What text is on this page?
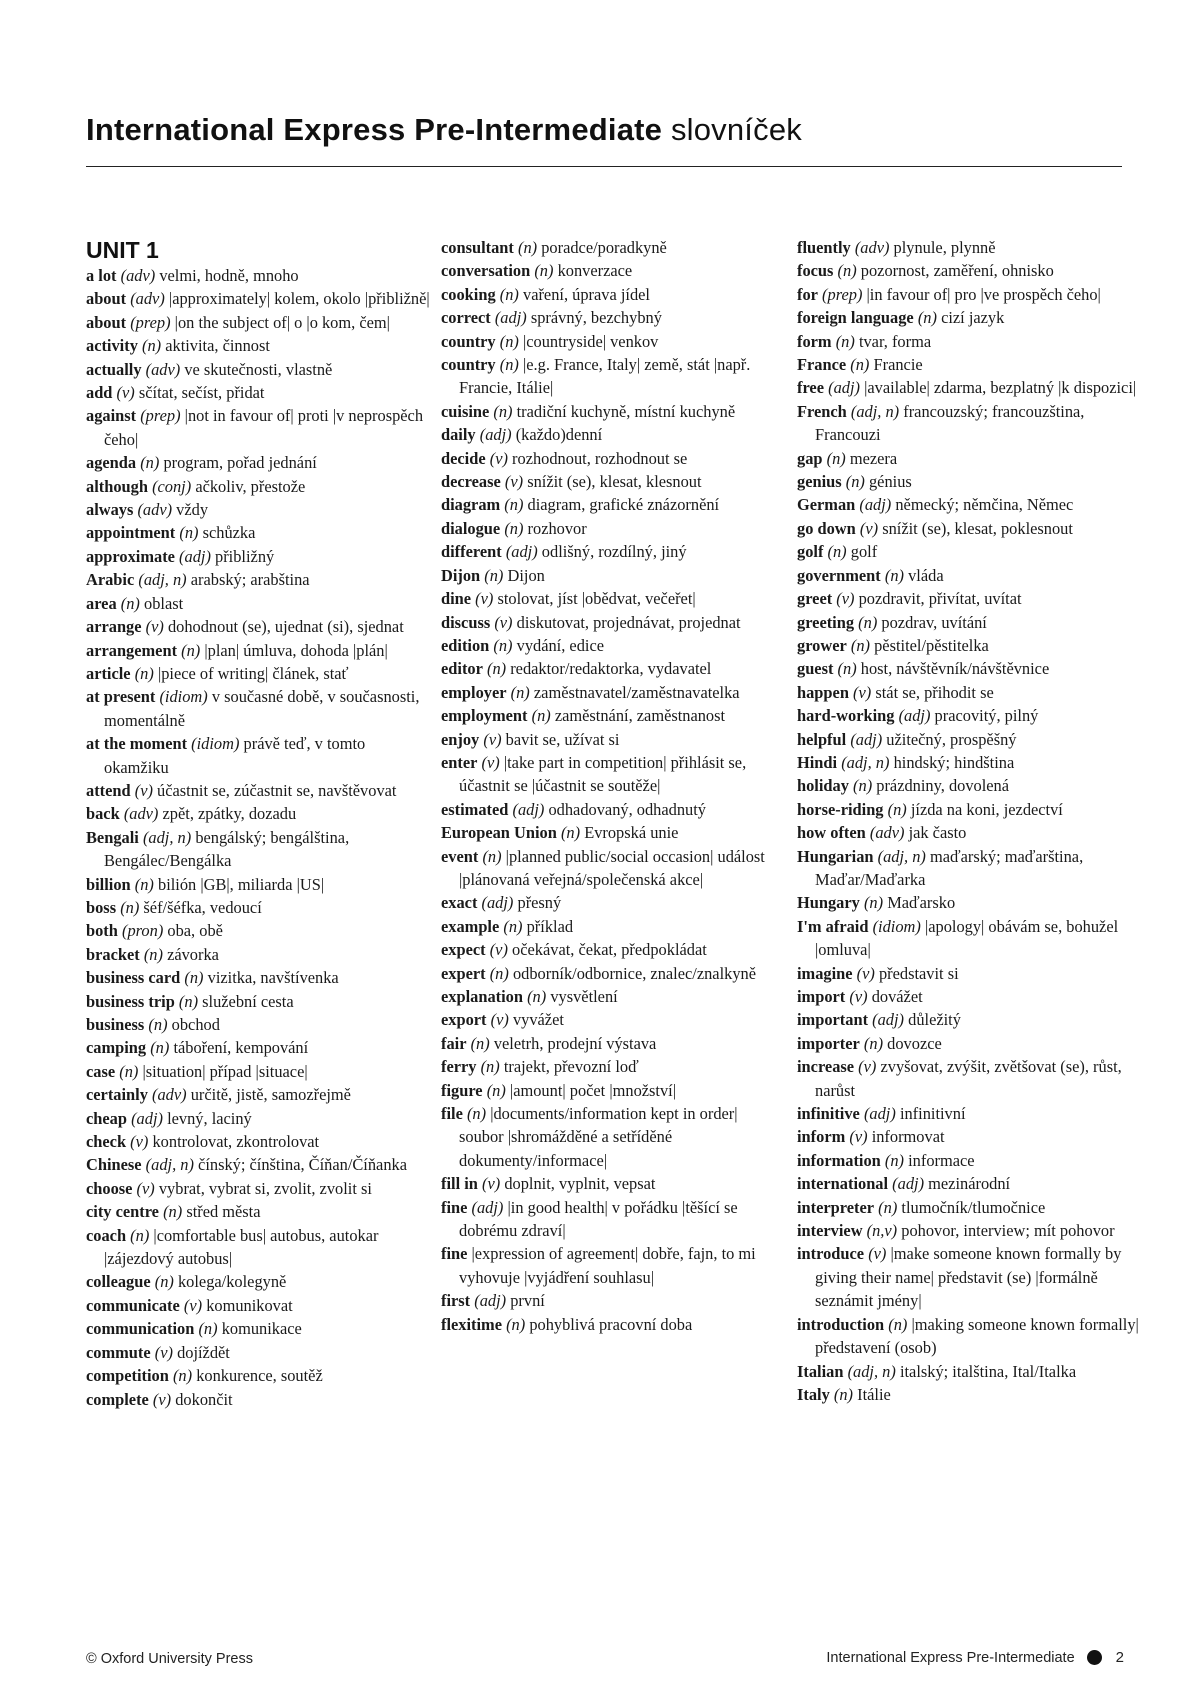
International Express Pre-Intermediate slovníček
UNIT 1

a lot (adv) velmi, hodně, mnoho

about (adv) |approximately| kolem, okolo |přibližně|

about (prep) |on the subject of| o |o kom, čem|

activity (n) aktivita, činnost

actually (adv) ve skutečnosti, vlastně

add (v) sčítat, sečíst, přidat

against (prep) |not in favour of| proti |v neprospěch čeho|

agenda (n) program, pořad jednání

although (conj) ačkoliv, přestože

always (adv) vždy

appointment (n) schůzka

approximate (adj) přibližný

Arabic (adj, n) arabský; arabština

area (n) oblast

arrange (v) dohodnout (se), ujednat (si), sjednat

arrangement (n) |plan| úmluva, dohoda |plán|

article (n) |piece of writing| článek, stať

at present (idiom) v současné době, v současnosti, momentálně

at the moment (idiom) právě teď, v tomto okamžiku

attend (v) účastnit se, zúčastnit se, navštěvovat

back (adv) zpět, zpátky, dozadu

Bengali (adj, n) bengálský; bengálština, Bengálec/Bengálka

billion (n) bilión |GB|, miliarda |US|

boss (n) šéf/šéfka, vedoucí

both (pron) oba, obě

bracket (n) závorka

business card (n) vizitka, navštívenka

business trip (n) služební cesta

business (n) obchod

camping (n) táboření, kempování

case (n) |situation| případ |situace|

certainly (adv) určitě, jistě, samozřejmě

cheap (adj) levný, laciný

check (v) kontrolovat, zkontrolovat

Chinese (adj, n) čínský; čínština, Číňan/Číňanka

choose (v) vybrat, vybrat si, zvolit, zvolit si

city centre (n) střed města

coach (n) |comfortable bus| autobus, autokar |zájezdový autobus|

colleague (n) kolega/kolegyně

communicate (v) komunikovat

communication (n) komunikace

commute (v) dojíždět

competition (n) konkurence, soutěž

complete (v) dokončit

consultant (n) poradce/poradkyně

conversation (n) konverzace

cooking (n) vaření, úprava jídel

correct (adj) správný, bezchybný

country (n) |countryside| venkov

country (n) |e.g. France, Italy| země, stát |např. Francie, Itálie|

cuisine (n) tradiční kuchyně, místní kuchyně

daily (adj) (každo)denní

decide (v) rozhodnout, rozhodnout se

decrease (v) snížit (se), klesat, klesnout

diagram (n) diagram, grafické znázornění

dialogue (n) rozhovor

different (adj) odlišný, rozdílný, jiný

Dijon (n) Dijon

dine (v) stolovat, jíst |obědvat, večeřet|

discuss (v) diskutovat, projednávat, projednat

edition (n) vydání, edice

editor (n) redaktor/redaktorka, vydavatel

employer (n) zaměstnavatel/zaměstnavatelka

employment (n) zaměstnání, zaměstnanost

enjoy (v) bavit se, užívat si

enter (v) |take part in competition| přihlásit se, účastnit se |účastnit se soutěže|

estimated (adj) odhadovaný, odhadnutý

European Union (n) Evropská unie

event (n) |planned public/social occasion| událost |plánovaná veřejná/společenská akce|

exact (adj) přesný

example (n) příklad

expect (v) očekávat, čekat, předpokládat

expert (n) odborník/odbornice, znalec/znalkyně

explanation (n) vysvětlení

export (v) vyvážet

fair (n) veletrh, prodejní výstava

ferry (n) trajekt, převozní loď

figure (n) |amount| počet |množství|

file (n) |documents/information kept in order| soubor |shromážděné a setříděné dokumenty/informace|

fill in (v) doplnit, vyplnit, vepsat

fine (adj) |in good health| v pořádku |těšící se dobrému zdraví|

fine |expression of agreement| dobře, fajn, to mi vyhovuje |vyjádření souhlasu|

first (adj) první

flexitime (n) pohyblivá pracovní doba

fluently (adv) plynule, plynně

focus (n) pozornost, zaměření, ohnisko

for (prep) |in favour of| pro |ve prospěch čeho|

foreign language (n) cizí jazyk

form (n) tvar, forma

France (n) Francie

free (adj) |available| zdarma, bezplatný |k dispozici|

French (adj, n) francouzský; francouzština, Francouzi

gap (n) mezera

genius (n) génius

German (adj) německý; němčina, Němec

go down (v) snížit (se), klesat, poklesnout

golf (n) golf

government (n) vláda

greet (v) pozdravit, přivítat, uvítat

greeting (n) pozdrav, uvítání

grower (n) pěstitel/pěstitelka

guest (n) host, návštěvník/návštěvnice

happen (v) stát se, přihodit se

hard-working (adj) pracovitý, pilný

helpful (adj) užitečný, prospěšný

Hindi (adj, n) hindský; hindština

holiday (n) prázdniny, dovolená

horse-riding (n) jízda na koni, jezdectví

how often (adv) jak často

Hungarian (adj, n) maďarský; maďarština, Maďar/Maďarka

Hungary (n) Maďarsko

I'm afraid (idiom) |apology| obávám se, bohužel |omluva|

imagine (v) představit si

import (v) dovážet

important (adj) důležitý

importer (n) dovozce

increase (v) zvyšovat, zvýšit, zvětšovat (se), růst, narůst

infinitive (adj) infinitivní

inform (v) informovat

information (n) informace

international (adj) mezinárodní

interpreter (n) tlumočník/tlumočnice

interview (n,v) pohovor, interview; mít pohovor

introduce (v) |make someone known formally by giving their name| představit (se) |formálně seznámit jmény|

introduction (n) |making someone known formally| představení (osob)

Italian (adj, n) italský; italština, Ital/Italka

Italy (n) Itálie

© Oxford University Press	International Express Pre-Intermediate	2
